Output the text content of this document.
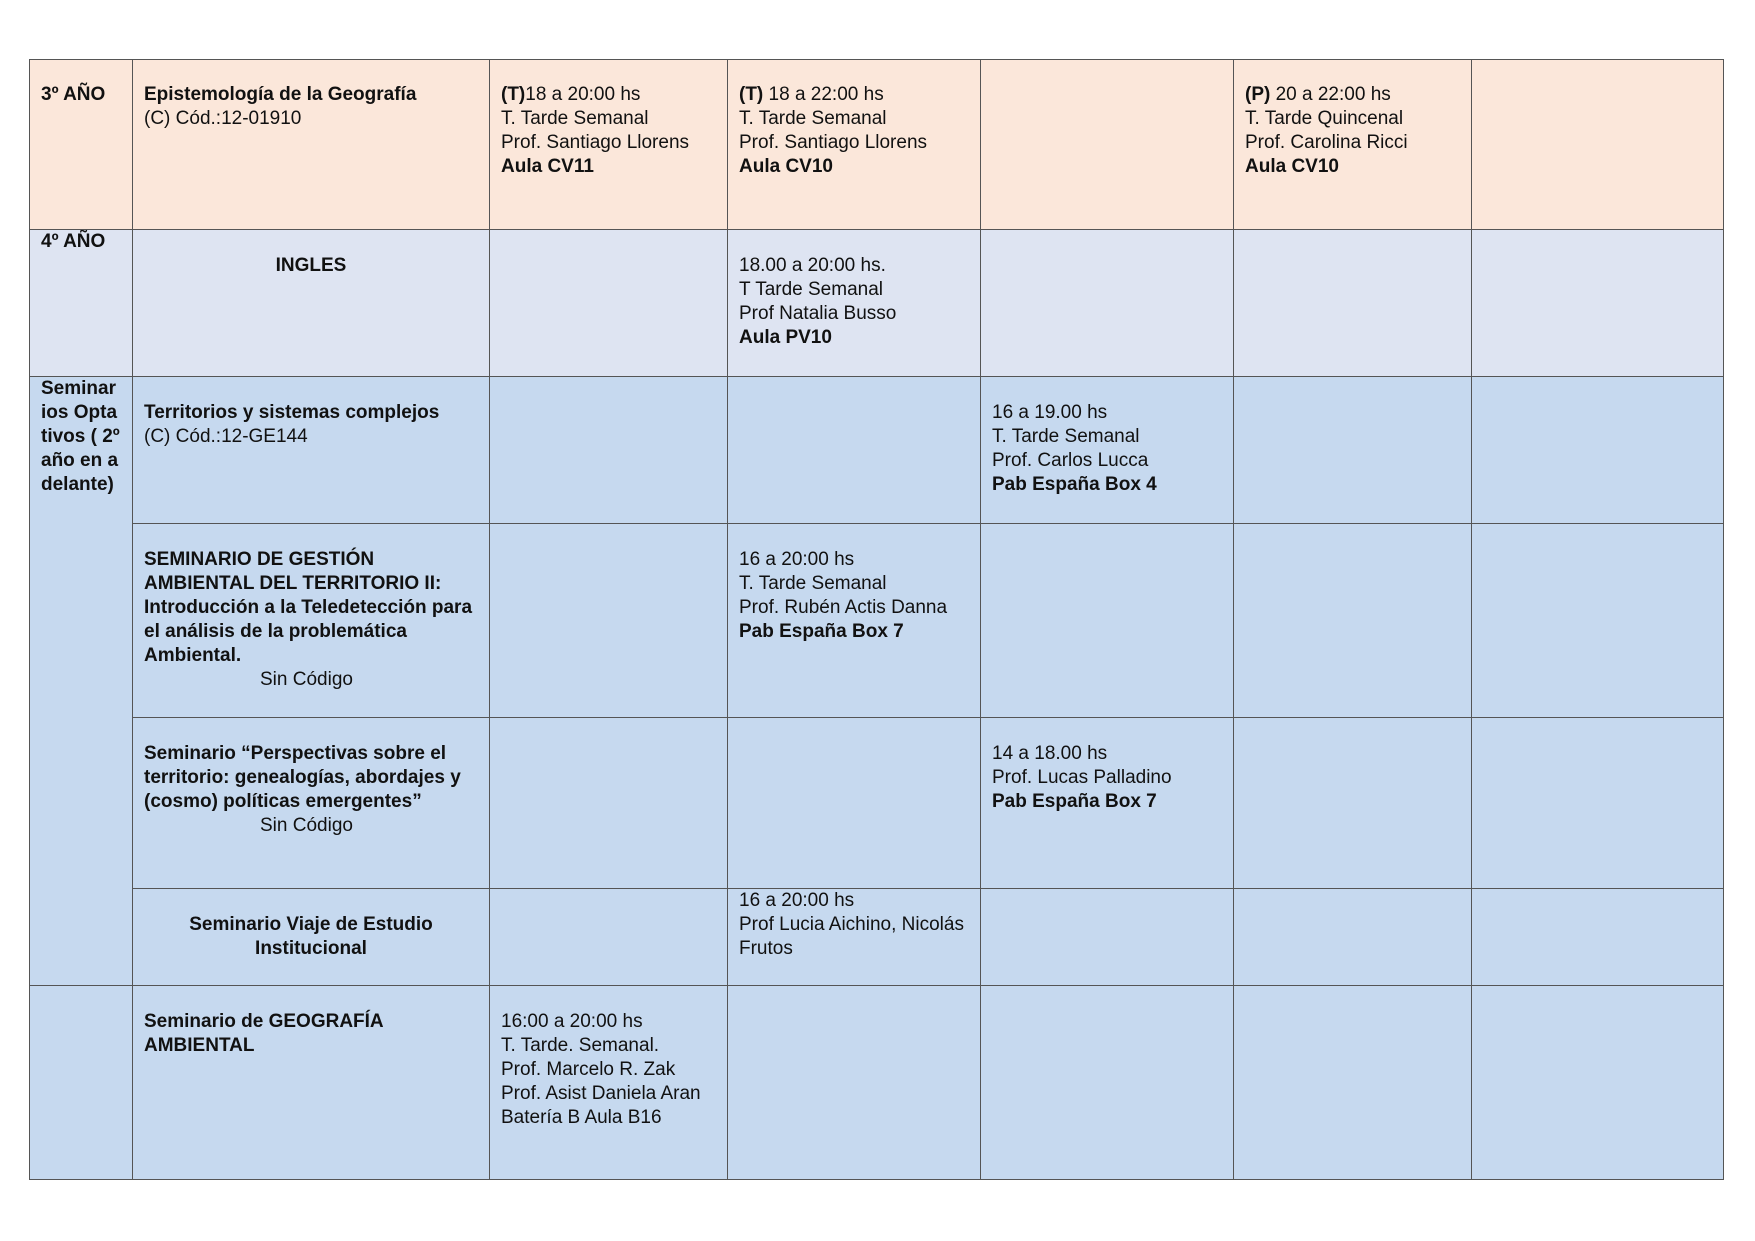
3º AÑO	Epistemología de la Geografía
(C) Cód.:12-01910	(T)18 a 20:00 hs
T. Tarde Semanal
Prof. Santiago Llorens
Aula CV11	(T) 18 a 22:00 hs
T. Tarde Semanal
Prof. Santiago Llorens
Aula CV10		(P) 20 a 22:00 hs
T. Tarde Quincenal
Prof. Carolina Ricci
Aula CV10	

4º AÑO	INGLES		18.00 a 20:00 hs.
T Tarde Semanal
Prof Natalia Busso
Aula PV10			

Seminarios Optativos ( 2º año en adelante)	Territorios y sistemas complejos
(C) Cód.:12-GE144			16 a 19.00 hs
T. Tarde Semanal
Prof. Carlos Lucca
Pab España Box 4		

	SEMINARIO DE GESTIÓN AMBIENTAL DEL TERRITORIO II: Introducción a la Teledetección para el análisis de la problemática Ambiental.
Sin Código		16 a 20:00 hs
T. Tarde Semanal
Prof. Rubén Actis Danna
Pab España Box 7			

	Seminario “Perspectivas sobre el territorio: genealogías, abordajes y (cosmo) políticas emergentes”
Sin Código			14 a 18.00 hs
Prof. Lucas Palladino
Pab España Box 7		

	Seminario Viaje de Estudio Institucional		16 a 20:00 hs
Prof Lucia Aichino, Nicolás Frutos			

	Seminario de GEOGRAFÍA AMBIENTAL	16:00 a 20:00 hs
T. Tarde. Semanal.
Prof. Marcelo R. Zak
Prof. Asist Daniela Aran
Batería B Aula B16				
